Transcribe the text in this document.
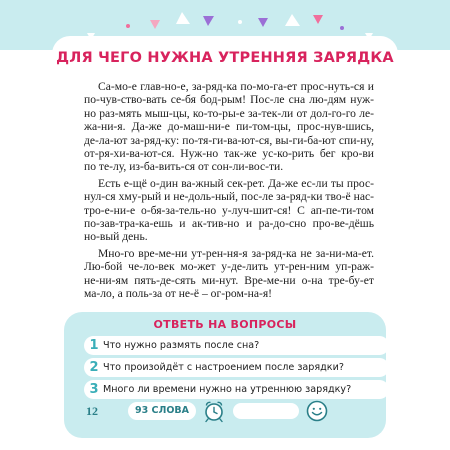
ДЛЯ ЧЕГО НУЖНА УТРЕННЯЯ ЗАРЯДКА

Са-мо-е глав-но-е, за-ряд-ка по-мо-га-ет прос-нуть-ся и по-чув-ство-вать се-бя бод-рым! Пос-ле сна лю-дям нуж-но раз-мять мыш-цы, ко-то-ры-е за-тек-ли от дол-го-го ле-жа-ни-я. Да-же до-маш-ни-е пи-том-цы, прос-нув-шись, де-ла-ют за-ряд-ку: по-тя-ги-ва-ют-ся, вы-ги-ба-ют спи-ну, от-ря-хи-ва-ют-ся. Нуж-но так-же ус-ко-рить бег кро-ви по те-лу, из-ба-вить-ся от сон-ли-вос-ти.

Есть е-щё о-дин ва-жный сек-рет. Да-же ес-ли ты прос-нул-ся хму-рый и не-доль-ный, пос-ле за-ряд-ки тво-ё нас-тро-е-ни-е о-бя-за-тель-но у-луч-шит-ся! С ап-пе-ти-том по-зав-тра-ка-ешь и ак-тив-но и ра-до-сно про-ве-дёшь но-вый день.

Мно-го вре-ме-ни ут-рен-ня-я за-ряд-ка не за-ни-ма-ет. Лю-бой че-ло-век мо-жет у-де-лить ут-рен-ним уп-раж-не-ни-ям пять-де-сять ми-нут. Вре-ме-ни о-на тре-бу-ет ма-ло, а поль-за от не-ё – ог-ром-на-я!

ОТВЕТЬ НА ВОПРОСЫ
1 Что нужно размять после сна?
2 Что произойдёт с настроением после зарядки?
3 Много ли времени нужно на утреннюю зарядку?
12	93 СЛОВА
